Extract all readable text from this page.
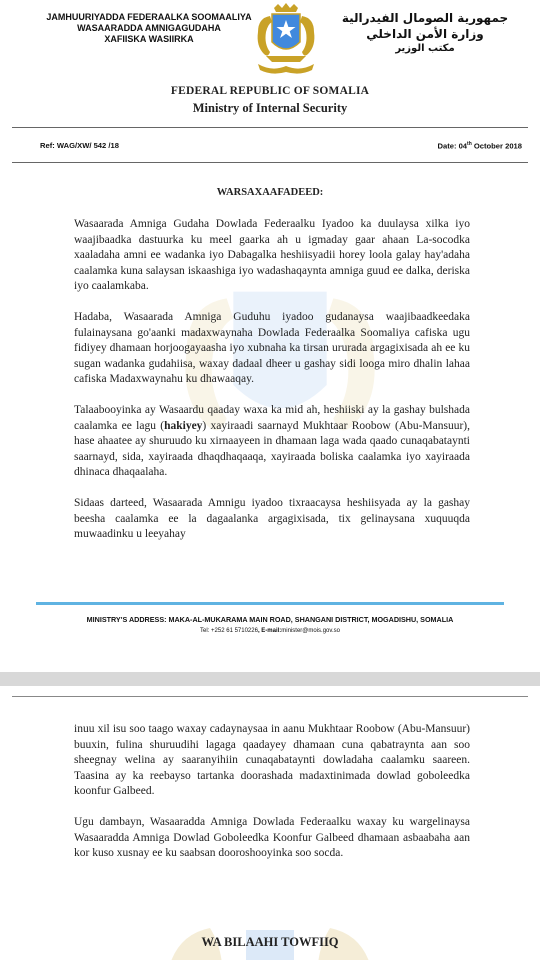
JAMHUURIYADDA FEDERAALKA SOOMAALIYA
WASAARADDA AMNIGAGUDAHA
XAFIISKA WASIIRKA
جمهورية الصومال الفيدرالية
وزارة الأمن الداخلي
مكتب الوزير
FEDERAL REPUBLIC OF SOMALIA
Ministry of Internal Security
Ref: WAG/XW/ 542 /18	Date: 04th October 2018
WARSAXAAFADEED:

Wasaarada Amniga Gudaha Dowlada Federaalku Iyadoo ka duulaysa xilka iyo waajibaadka dastuurka ku meel gaarka ah u igmaday gaar ahaan La-socodka xaaladaha amni ee wadanka iyo Dabagalka heshiisyadii horey loola galay hay'adaha caalamka kuna salaysan iskaashiga iyo wadashaqaynta amniga guud ee dalka, deriska iyo caalamkaba.

Hadaba, Wasaarada Amniga Guduhu iyadoo gudanaysa waajibaadkeedaka fulainaysana go'aanki madaxwaynaha Dowlada Federaalka Soomaliya cafiska ugu fidiyey dhamaan horjoogayaasha iyo xubnaha ka tirsan ururada argagixisada ah ee ku sugan wadanka gudahiisa, waxay dadaal dheer u gashay sidi looga miro dhalin lahaa cafiska Madaxwaynahu ku dhawaaqay.

Talaabooyinka ay Wasaardu qaaday waxa ka mid ah, heshiiski ay la gashay bulshada caalamka ee lagu (hakiyey) xayiraadi saarnayd Mukhtaar Roobow (Abu-Mansuur), hase ahaatee ay shuruudo ku xirnaayeen in dhamaan laga wada qaado cunaqabataynti saarnayd, sida, xayiraada dhaqdhaqaaqa, xayiraada boliska caalamka iyo xayiraada dhinaca dhaqaalaha.

Sidaas darteed, Wasaarada Amnigu iyadoo tixraacaysa heshiisyada ay la gashay beesha caalamka ee la dagaalanka argagixisada, tix gelinaysana xuquuqda muwaadinku u leeyahay

MINISTRY'S ADDRESS: MAKA-AL-MUKARAMA MAIN ROAD, SHANGANI DISTRICT, MOGADISHU, SOMALIA
Tel: +252 61 5710226, E-mail:minister@mois.gov.so

inuu xil isu soo taago waxay cadaynaysaa in aanu Mukhtaar Roobow (Abu-Mansuur) buuxin, fulina shuruudihi lagaga qaadayey dhamaan cuna qabatraynta aan soo sheegnay welina ay saaranyihiin cunaqabataynti dowladaha caalamku saareen. Taasina ay ka reebayso tartanka doorashada madaxtinimada dowlad goboleedka koonfur Galbeed.

Ugu dambayn, Wasaaradda Amniga Dowlada Federaalku waxay ku wargelinaysa Wasaaradda Amniga Dowlad Goboleedka Koonfur Galbeed dhamaan asbaabaha aan kor kuso xusnay ee ku saabsan dooroshooyinka soo socda.

WA BILAAHI TOWFIIQ
